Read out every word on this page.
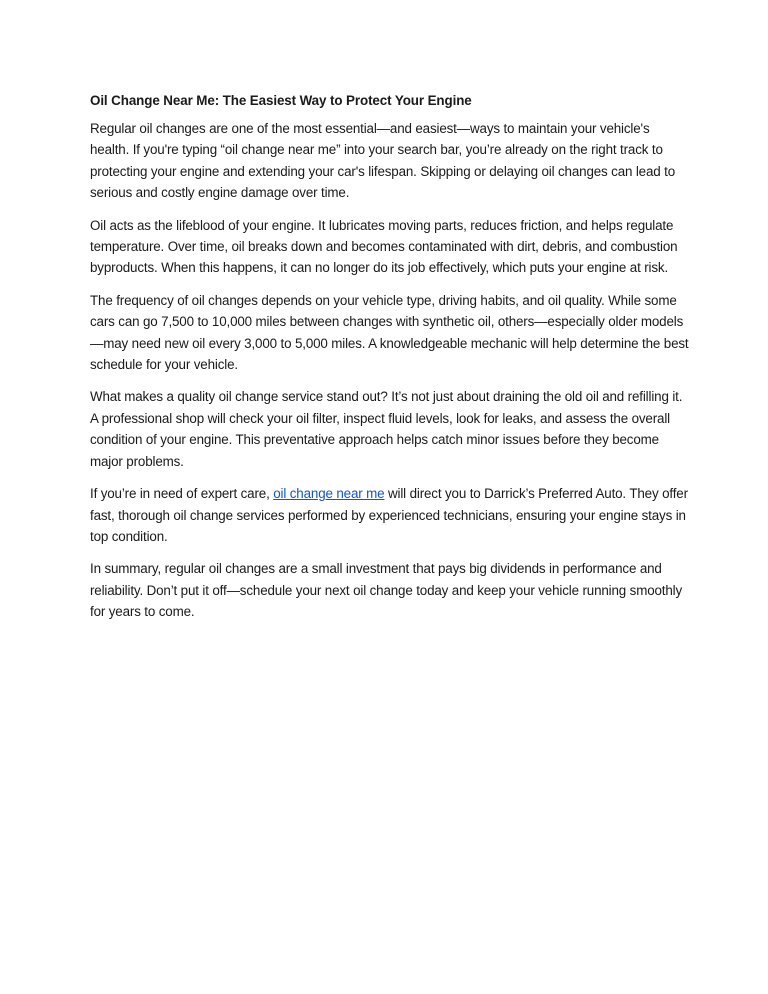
Oil Change Near Me: The Easiest Way to Protect Your Engine

Regular oil changes are one of the most essential—and easiest—ways to maintain your vehicle's health. If you're typing “oil change near me” into your search bar, you’re already on the right track to protecting your engine and extending your car's lifespan. Skipping or delaying oil changes can lead to serious and costly engine damage over time.

Oil acts as the lifeblood of your engine. It lubricates moving parts, reduces friction, and helps regulate temperature. Over time, oil breaks down and becomes contaminated with dirt, debris, and combustion byproducts. When this happens, it can no longer do its job effectively, which puts your engine at risk.

The frequency of oil changes depends on your vehicle type, driving habits, and oil quality. While some cars can go 7,500 to 10,000 miles between changes with synthetic oil, others—especially older models—may need new oil every 3,000 to 5,000 miles. A knowledgeable mechanic will help determine the best schedule for your vehicle.

What makes a quality oil change service stand out? It’s not just about draining the old oil and refilling it. A professional shop will check your oil filter, inspect fluid levels, look for leaks, and assess the overall condition of your engine. This preventative approach helps catch minor issues before they become major problems.

If you’re in need of expert care, oil change near me will direct you to Darrick’s Preferred Auto. They offer fast, thorough oil change services performed by experienced technicians, ensuring your engine stays in top condition.

In summary, regular oil changes are a small investment that pays big dividends in performance and reliability. Don’t put it off—schedule your next oil change today and keep your vehicle running smoothly for years to come.
